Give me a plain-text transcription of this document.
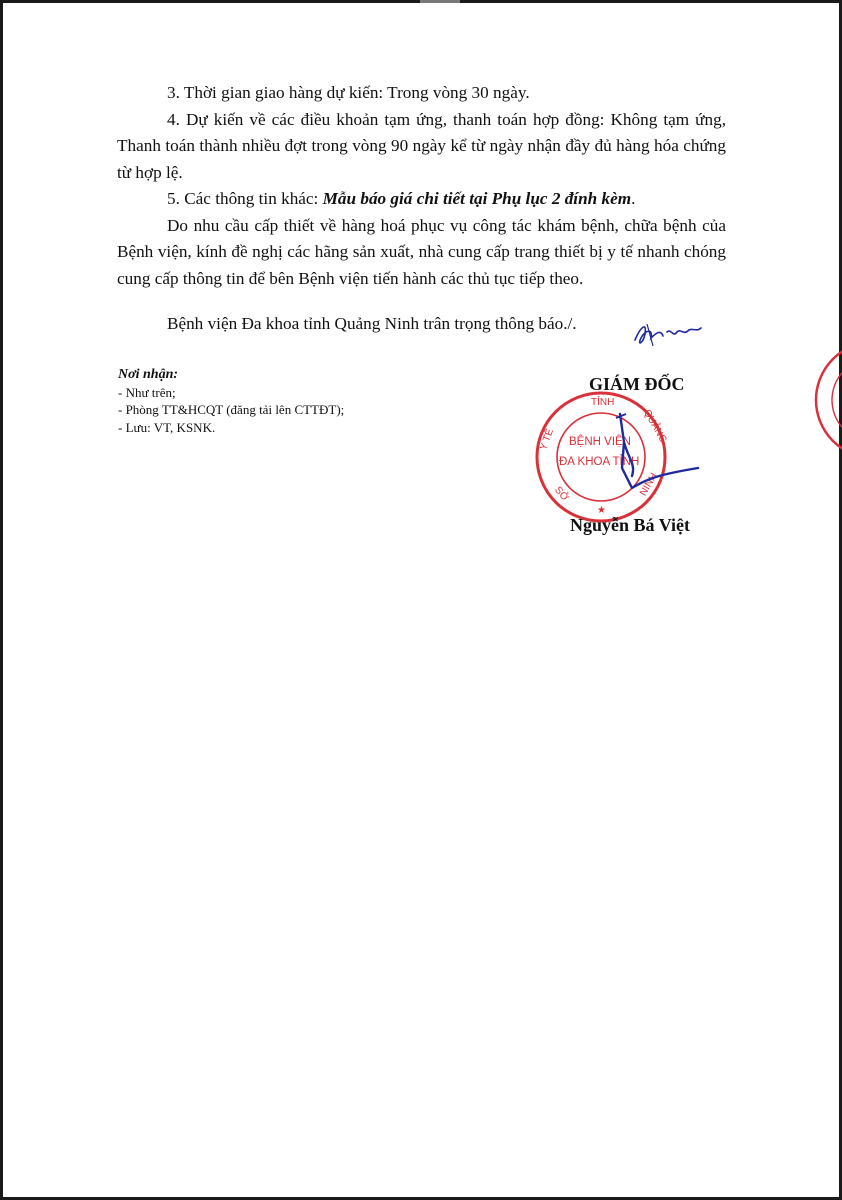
3. Thời gian giao hàng dự kiến: Trong vòng 30 ngày.

4. Dự kiến về các điều khoản tạm ứng, thanh toán hợp đồng: Không tạm ứng, Thanh toán thành nhiều đợt trong vòng 90 ngày kể từ ngày nhận đầy đủ hàng hóa chứng từ hợp lệ.

5. Các thông tin khác: Mẫu báo giá chi tiết tại Phụ lục 2 đính kèm.

Do nhu cầu cấp thiết về hàng hoá phục vụ công tác khám bệnh, chữa bệnh của Bệnh viện, kính đề nghị các hãng sản xuất, nhà cung cấp trang thiết bị y tế nhanh chóng cung cấp thông tin để bên Bệnh viện tiến hành các thủ tục tiếp theo.

Bệnh viện Đa khoa tỉnh Quảng Ninh trân trọng thông báo./.
Nơi nhận:
- Như trên;
- Phòng TT&HCQT (đăng tải lên CTTĐT);
- Lưu: VT, KSNK.
GIÁM ĐỐC
TỈNH
Y TẾ	QUẢNG
NINH
SỞ
BỆNH VIỆN
ĐA KHOA TỈNH
★
Nguyễn Bá Việt
